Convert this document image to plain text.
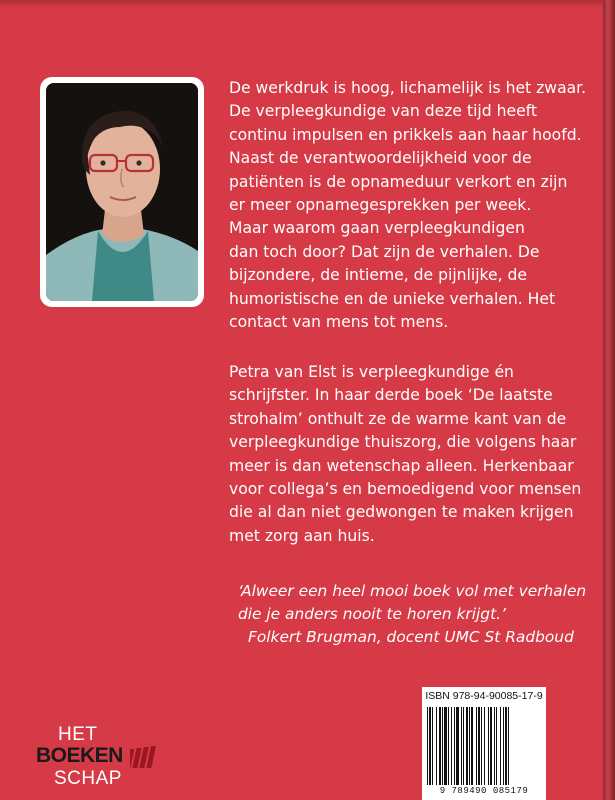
De werkdruk is hoog, lichamelijk is het zwaar.
De verpleegkundige van deze tijd heeft
continu impulsen en prikkels aan haar hoofd.
Naast de verantwoordelijkheid voor de
patiënten is de opnameduur verkort en zijn
er meer opnamegesprekken per week.
Maar waarom gaan verpleegkundigen
dan toch door? Dat zijn de verhalen. De
bijzondere, de intieme, de pijnlijke, de
humoristische en de unieke verhalen. Het
contact van mens tot mens.
Petra van Elst is verpleegkundige én
schrijfster. In haar derde boek ‘De laatste
strohalm’ onthult ze de warme kant van de
verpleegkundige thuiszorg, die volgens haar
meer is dan wetenschap alleen. Herkenbaar
voor collega’s en bemoedigend voor mensen
die al dan niet gedwongen te maken krijgen
met zorg aan huis.
‘Alweer een heel mooi boek vol met verhalen
die je anders nooit te horen krijgt.’
Folkert Brugman, docent UMC St Radboud
HET
BOEKEN
SCHAP
ISBN 978-94-90085-17-9
9 789490 085179
